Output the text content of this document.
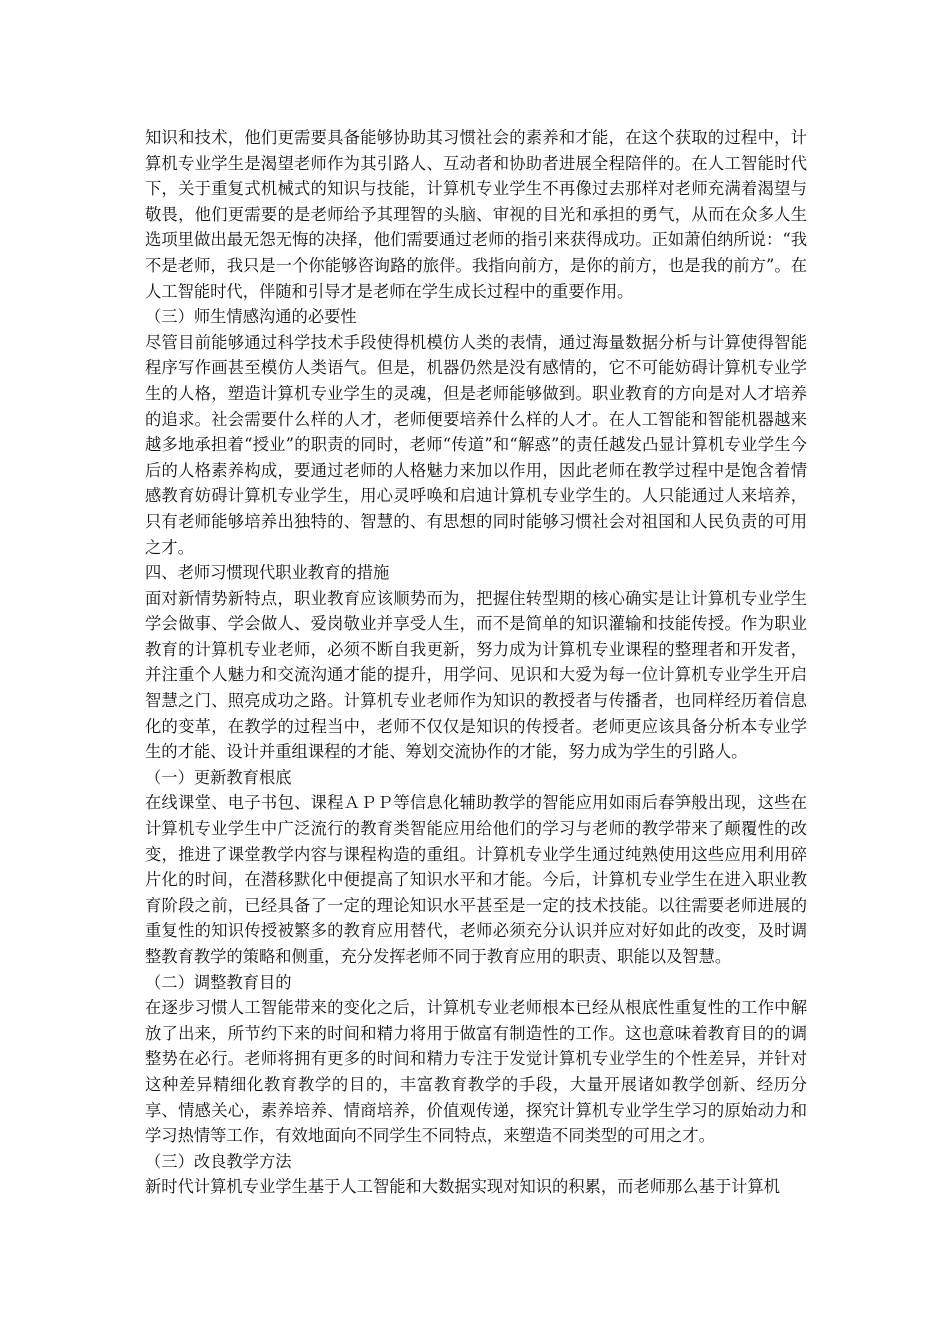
知识和技术，他们更需要具备能够协助其习惯社会的素养和才能，在这个获取的过程中，计算机专业学生是渴望老师作为其引路人、互动者和协助者进展全程陪伴的。在人工智能时代下，关于重复式机械式的知识与技能，计算机专业学生不再像过去那样对老师充满着渴望与敬畏，他们更需要的是老师给予其理智的头脑、审视的目光和承担的勇气，从而在众多人生选项里做出最无怨无悔的决择，他们需要通过老师的指引来获得成功。正如萧伯纳所说：“我不是老师，我只是一个你能够咨询路的旅伴。我指向前方，是你的前方，也是我的前方”。在人工智能时代，伴随和引导才是老师在学生成长过程中的重要作用。

（三）师生情感沟通的必要性

尽管目前能够通过科学技术手段使得机模仿人类的表情，通过海量数据分析与计算使得智能程序写作画甚至模仿人类语气。但是，机器仍然是没有感情的，它不可能妨碍计算机专业学生的人格，塑造计算机专业学生的灵魂，但是老师能够做到。职业教育的方向是对人才培养的追求。社会需要什么样的人才，老师便要培养什么样的人才。在人工智能和智能机器越来越多地承担着“授业”的职责的同时，老师“传道”和“解惑”的责任越发凸显计算机专业学生今后的人格素养构成，要通过老师的人格魅力来加以作用，因此老师在教学过程中是饱含着情感教育妨碍计算机专业学生，用心灵呼唤和启迪计算机专业学生的。人只能通过人来培养，只有老师能够培养出独特的、智慧的、有思想的同时能够习惯社会对祖国和人民负责的可用之才。

四、老师习惯现代职业教育的措施

面对新情势新特点，职业教育应该顺势而为，把握住转型期的核心确实是让计算机专业学生学会做事、学会做人、爱岗敬业并享受人生，而不是简单的知识灌输和技能传授。作为职业教育的计算机专业老师，必须不断自我更新，努力成为计算机专业课程的整理者和开发者，并注重个人魅力和交流沟通才能的提升，用学问、见识和大爱为每一位计算机专业学生开启智慧之门、照亮成功之路。计算机专业老师作为知识的教授者与传播者，也同样经历着信息化的变革，在教学的过程当中，老师不仅仅是知识的传授者。老师更应该具备分析本专业学生的才能、设计并重组课程的才能、筹划交流协作的才能，努力成为学生的引路人。

（一）更新教育根底

在线课堂、电子书包、课程ＡＰＰ等信息化辅助教学的智能应用如雨后春笋般出现，这些在计算机专业学生中广泛流行的教育类智能应用给他们的学习与老师的教学带来了颠覆性的改变，推进了课堂教学内容与课程构造的重组。计算机专业学生通过纯熟使用这些应用利用碎片化的时间，在潜移默化中便提高了知识水平和才能。今后，计算机专业学生在进入职业教育阶段之前，已经具备了一定的理论知识水平甚至是一定的技术技能。以往需要老师进展的重复性的知识传授被繁多的教育应用替代，老师必须充分认识并应对好如此的改变，及时调整教育教学的策略和侧重，充分发挥老师不同于教育应用的职责、职能以及智慧。

（二）调整教育目的

在逐步习惯人工智能带来的变化之后，计算机专业老师根本已经从根底性重复性的工作中解放了出来，所节约下来的时间和精力将用于做富有制造性的工作。这也意味着教育目的的调整势在必行。老师将拥有更多的时间和精力专注于发觉计算机专业学生的个性差异，并针对这种差异精细化教育教学的目的，丰富教育教学的手段，大量开展诸如教学创新、经历分享、情感关心，素养培养、情商培养，价值观传递，探究计算机专业学生学习的原始动力和学习热情等工作，有效地面向不同学生不同特点，来塑造不同类型的可用之才。

（三）改良教学方法

新时代计算机专业学生基于人工智能和大数据实现对知识的积累，而老师那么基于计算机
